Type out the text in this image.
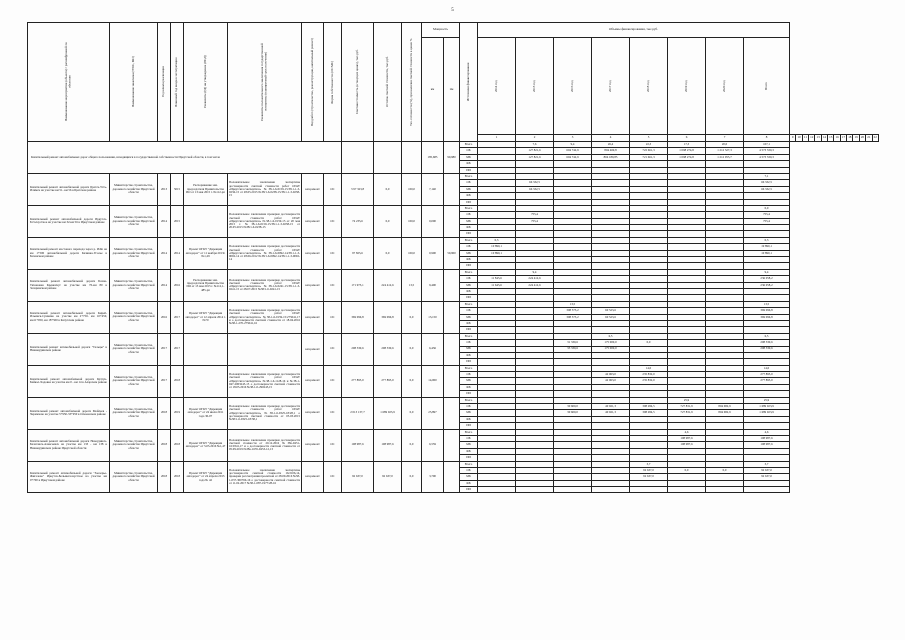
5
Наименование мероприятия (объекта) с расшифровкой по объектам	Наименование заказчика (ГРБС, МО)	Год начала реализации	Плановый год ввода в эксплуатацию	Реквизиты (РД) на утверждение (ПСД)	Реквизиты положительного заключения государственной экспертизы (планируемый срок получения)	Вид работ (строительство, реконструкция, капитальный ремонт)	Форма собственности (ОС/МС)	Сметная стоимость (в текущих ценах), тыс.руб.	Остаток сметной стоимости, тыс.руб.	Тех. готовности (%), при наличии сметной стоимости в ценах %	Мощность		Источники финансирования	Объемы финансирования, тыс.руб.																					
											км	пм		2014 год	2015 год	2016 год	2017 год	2018 год	2019 год	2020 год	Всего														

														1	2	3	4	5	6	7	8	9	10	11	12	13	14	15	16	17	18	19	20	21	22
Капитальный ремонт автомобильных дорог общего пользования, находящихся в государственной собственности Иркутской области, в том числе											185,685	90,980	Всего		7,6	9,4	26,4	22,3	17,3	20,0	107,1														
													ОБ		127 821,6	604 742,9	804 469,8	722 661,3	1 098 274,8	1 212 327,3	4 573 330,3														
													МБ		127 821,6	604 742,9	804 189,85	721 661,3	1 098 274,8	1 212 055,7	4 573 330,3														
													ФБ																						
													ИИ																						
Капитальный ремонт автомобильной дороги Братск-Усть-Илимск на участке км 51- км 56 в Братском районе	Министерство строительства, дорожного хозяйства Иркутской области	2013	5015	Распоряжение зам. председателя Правительства ИО от 13 мая 2015 г. №112-рп	Положительное заключение экспертизы достоверности сметной стоимости работ ОГАУ «Иркутскгосэкспертиза» №38-1-6-0159-15/38.1-1-3-0236-15 от 28.05.2015 №38/1-6-0238-15/38.1-1-3-0238-15	кап.ремонт	ОС	3 97 323,8	0,0	100,0	7,140		Всего								7,1														
													ОБ		66 332,5						66 332,5														
													МБ		66 332,5						66 332,5														
													ФБ																						
													ИИ																						
Капитальный ремонт автомобильной дороги Иркутск-Б.Голоустное на участке км 32-км 56 в Иркутском районе	Министерство строительства, дорожного хозяйства Иркутской области	2014	2015		Положительное заключение проверки достоверности сметной стоимости работ ОГАУ «Иркутскгосэкспертиза» №38-1-6-0159-15 от 20 мая 2015 г. №38-1-6-0159-15/38.1-1-3-0238-15 от 20.05.2015 №38/1-6-0238-15	кап.ремонт	ОС	74 235,6	0,0	100,0	0,000		Всего								0,0														
													ОБ		755,4						755,4														
													МБ		755,4						755,4														
													ФБ																						
													ИИ																						
Капитальный ремонт мостового перехода через р. Иdin на км 1+500 автомобильной дороги Качинка-Усолье в Боханском районе	Министерство строительства, дорожного хозяйства Иркутской области	2014	2014	Проект ОГКУ "Дирекция автодорог" от 11 ноября 2013г. №1,29	Положительное заключение проверки достоверности сметной стоимости работ ОГАУ «Иркутскгосэкспертиза» №38-1-6-0092-14/38.1-1-3-0092-14 от 28.06.2012 №38/1-6-0092-14/38.1-1-3-0092-14	кап.ремонт	ОС	97 825,6	0,0	100,0	0,900	50,900	Всего	0,3							0,3														
													ОБ	10 890,1							19 890,1														
													МБ	10 890,1							10 890,1														
													ФБ																						
													ИИ																						
Капитальный ремонт автомобильной дороги Бохан-Тихоновка Кременчуг на участке км 70-км 80 в Заларинском районе	Министерство строительства, дорожного хозяйства Иркутской области	2014	2016	Распоряжение зам. председателя Правительства ИО от 13 мая 2015 г. №112,1-485-рп	Положительное заключение проверки достоверности сметной стоимости работ ОГАУ «Иркутскгосэкспертиза» №38-1-6-0241-15/38.1-1-3-0241-15 от 28.07.2015 №38/1-6-0241-15	кап.ремонт	ОС	171 973,1	224 412,6	13,5	9,400		Всего		9,4						9,4														
													ОБ	11 845,6	224 412,6						236 058,2														
													МБ	11 645,6	224 412,6						236 058,2														
													ФБ																						
													ИИ																						
Капитальный ремонт автомобильной дороги Киреň-Ильинск-Сумкино на участке км 2+750- км 10+450, км11+950, км 18+500 в Качугском районе	Министерство строительства, дорожного хозяйства Иркутской области	2016	2017	Проект ОГКУ "Дирекция автодорог" от 12 апреля 2014 г. №70	Положительное заключение проверки достоверности сметной стоимости работ ОГАУ «Иркутскгосэкспертиза» №38-1-6-0159-15/275041,17 и о достоверности сметной стоимости от 18.04.2016 №38-1-270-275041,16	кап.ремонт	ОС	369 096,8	369 096,8	0,0	13,150		Всего			13,5					13,5														
													ОБ			308 573,2	60 523,6				369 096,8														
													МБ			308 573,2	60 523,6				369 096,8														
													ФБ																						
													ИИ																						
Капитальный ремонт автомобильной дороги "Тальцы" в Нижнеудинском районе	Министерство строительства, дорожного хозяйства Иркутской области	2017	2017			кап.ремонт	ОС	208 330,6	208 330,6	0,0	6,436		Всего				6,5				6,5														
													ОБ			31 330,6	175 000,0	0,0			208 330,6														
													МБ			33 330,6	175 000,0				208 330,6														
													ФБ																						
													ИИ																						
Капитальный ремонт автомобильной дороги Култук-Байкал-Хадовка на участке км 0 - км 14 в Аларском районе	Министерство строительства, дорожного хозяйства Иркутской области	2017	2018		Положительное заключение проверки достоверности сметной стоимости работ ОГАУ «Иркутскгосэкспертиза» №38-1-6-1128-16 и №38-1-047-2003245-15 о достоверности сметной стоимости от 18.05.2016 №38-1-0-290245,15	кап.ремонт	ОС	277 895,0	277 895,0	0,0	14,000		Всего					14,0			14,0														
													ОБ				42 063,0	235 832,0			277 895,0														
													МБ				42 063,0	235 832,0			277 895,0														
													ФБ																						
													ИИ																						
Капитальный ремонт автомобильной дороги Мойлеев - Черемхово на участке 5+950-33+950 в Ольхонском районе	Министерство строительства, дорожного хозяйства Иркутской области	2018	2019	Проект ОГКУ "Дирекция автодорог" от 24 июля 2011 года 30-07	Положительное заключение проверки достоверности сметной стоимости работ ОГАУ «Иркутскгосэкспертиза» №38-1-6-0325-18/28,1 о достоверности сметной стоимости от 05.03.2015 №38/1-6-0325-18/38,1	кап.ремонт	ОС	2 013 137,7	1 689 023,9	0,0	25,897		Всего						25,9		25,9														
													ОБ			30 600,0	40 921,3	308 284,5	727 831,9	804 682,9	1 689 023,9														
													МБ			30 600,0	40 921,3	308 284,5	727 831,9	804 682,9	1 689 023,9														
													ФБ																						
													ИИ																						
Капитальный ремонт автомобильной дороги Новоудинск-Балаганск-Алексеевск на участке км 133 - км 138 в Нижнеудинском районе Иркутской области	Министерство строительства, дорожного хозяйства Иркутской области	2018	2018	Проект ОГКУ "Дирекция автодорог" от 5.05.2016 №1,47	Положительное заключение проверки достоверности сметной стоимости от 20.12.2016 №38а-0451-16/0341,17 и о достоверности сметной стоимости от 05.09.2019 №38а-1635-0453-12,13	кап.ремонт	ОС	108 987,6	108 987,6	0,0	6,559		Всего						4,6		4,6														
													ОБ						108 987,6		108 987,6														
													МБ						108 987,6		108 987,6														
													ФБ																						
													ИИ																						
Капитальный ремонт автомобильной дороги "Заозерье-Жигалово" Иркутск-Большеголоустное на участке км 0+700 в Иркутском районе	Министерство строительства, дорожного хозяйства Иркутской области	2018	2018	Проект ОГКУ "Дирекция автодорог" от 24 апреля 2013 года № 42	Положительное заключение экспертизы достоверности сметной стоимости 16/2106,14, проверки рассмотрения проектной от 28.09.2016 №38-1-037-300766-16 о достоверности сметной стоимости от 11.02.2017 №38-1-087-1977/28-16	кап.ремонт	ОС	92 637,0	92 637,0	0,0	3,700		Всего					3,7			3,7														
													ОБ					92 637,0	0,0	0,0	92 637,0														
													МБ					92 637,0			92 637,0														
													ФБ																						
													ИИ																						
